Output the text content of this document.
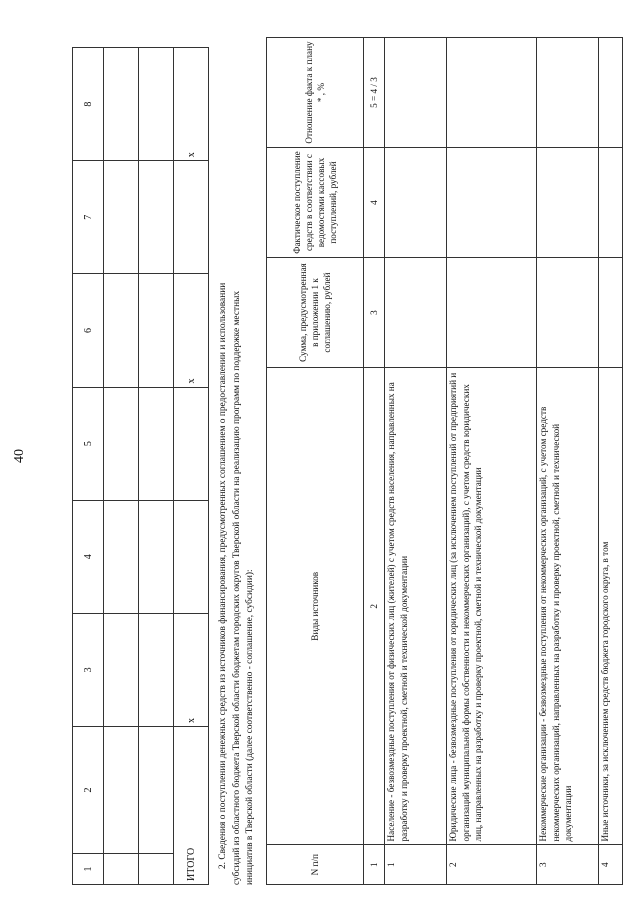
40
1	2	3	4	5	6	7	8

ИТОГО		x			x		x
2. Сведения о поступлении денежных средств из источников финансирования, предусмотренных соглашением о предоставлении и использовании субсидий из областного бюджета Тверской области бюджетам городских округов Тверской области на реализацию программ по поддержке местных инициатив в Тверской области (далее соответственно - соглашение, субсидии):	N п/п	Виды источников	Сумма, предусмотренная в приложении 1 к соглашению, рублей	Фактическое поступление средств в соответствии с ведомостями кассовых поступлений, рублей	Отношение факта к плану * , %
1	2	3	4	5 = 4 / 3
1	Население - безвозмездные поступления от физических лиц (жителей) с учетом средств населения, направленных на разработку и проверку проектной, сметной и технической документации			
2	Юридические лица - безвозмездные поступления от юридических лиц (за исключением поступлений от предприятий и организаций муниципальной формы собственности и некоммерческих организаций), с учетом средств юридических лиц, направленных на разработку и проверку проектной, сметной и технической документации			
3	Некоммерческие организации - безвозмездные поступления от некоммерческих организаций, с учетом средств некоммерческих организаций, направленных на разработку и проверку проектной, сметной и технической документации			
4	Иные источники, за исключением средств бюджета городского округа, в том			
